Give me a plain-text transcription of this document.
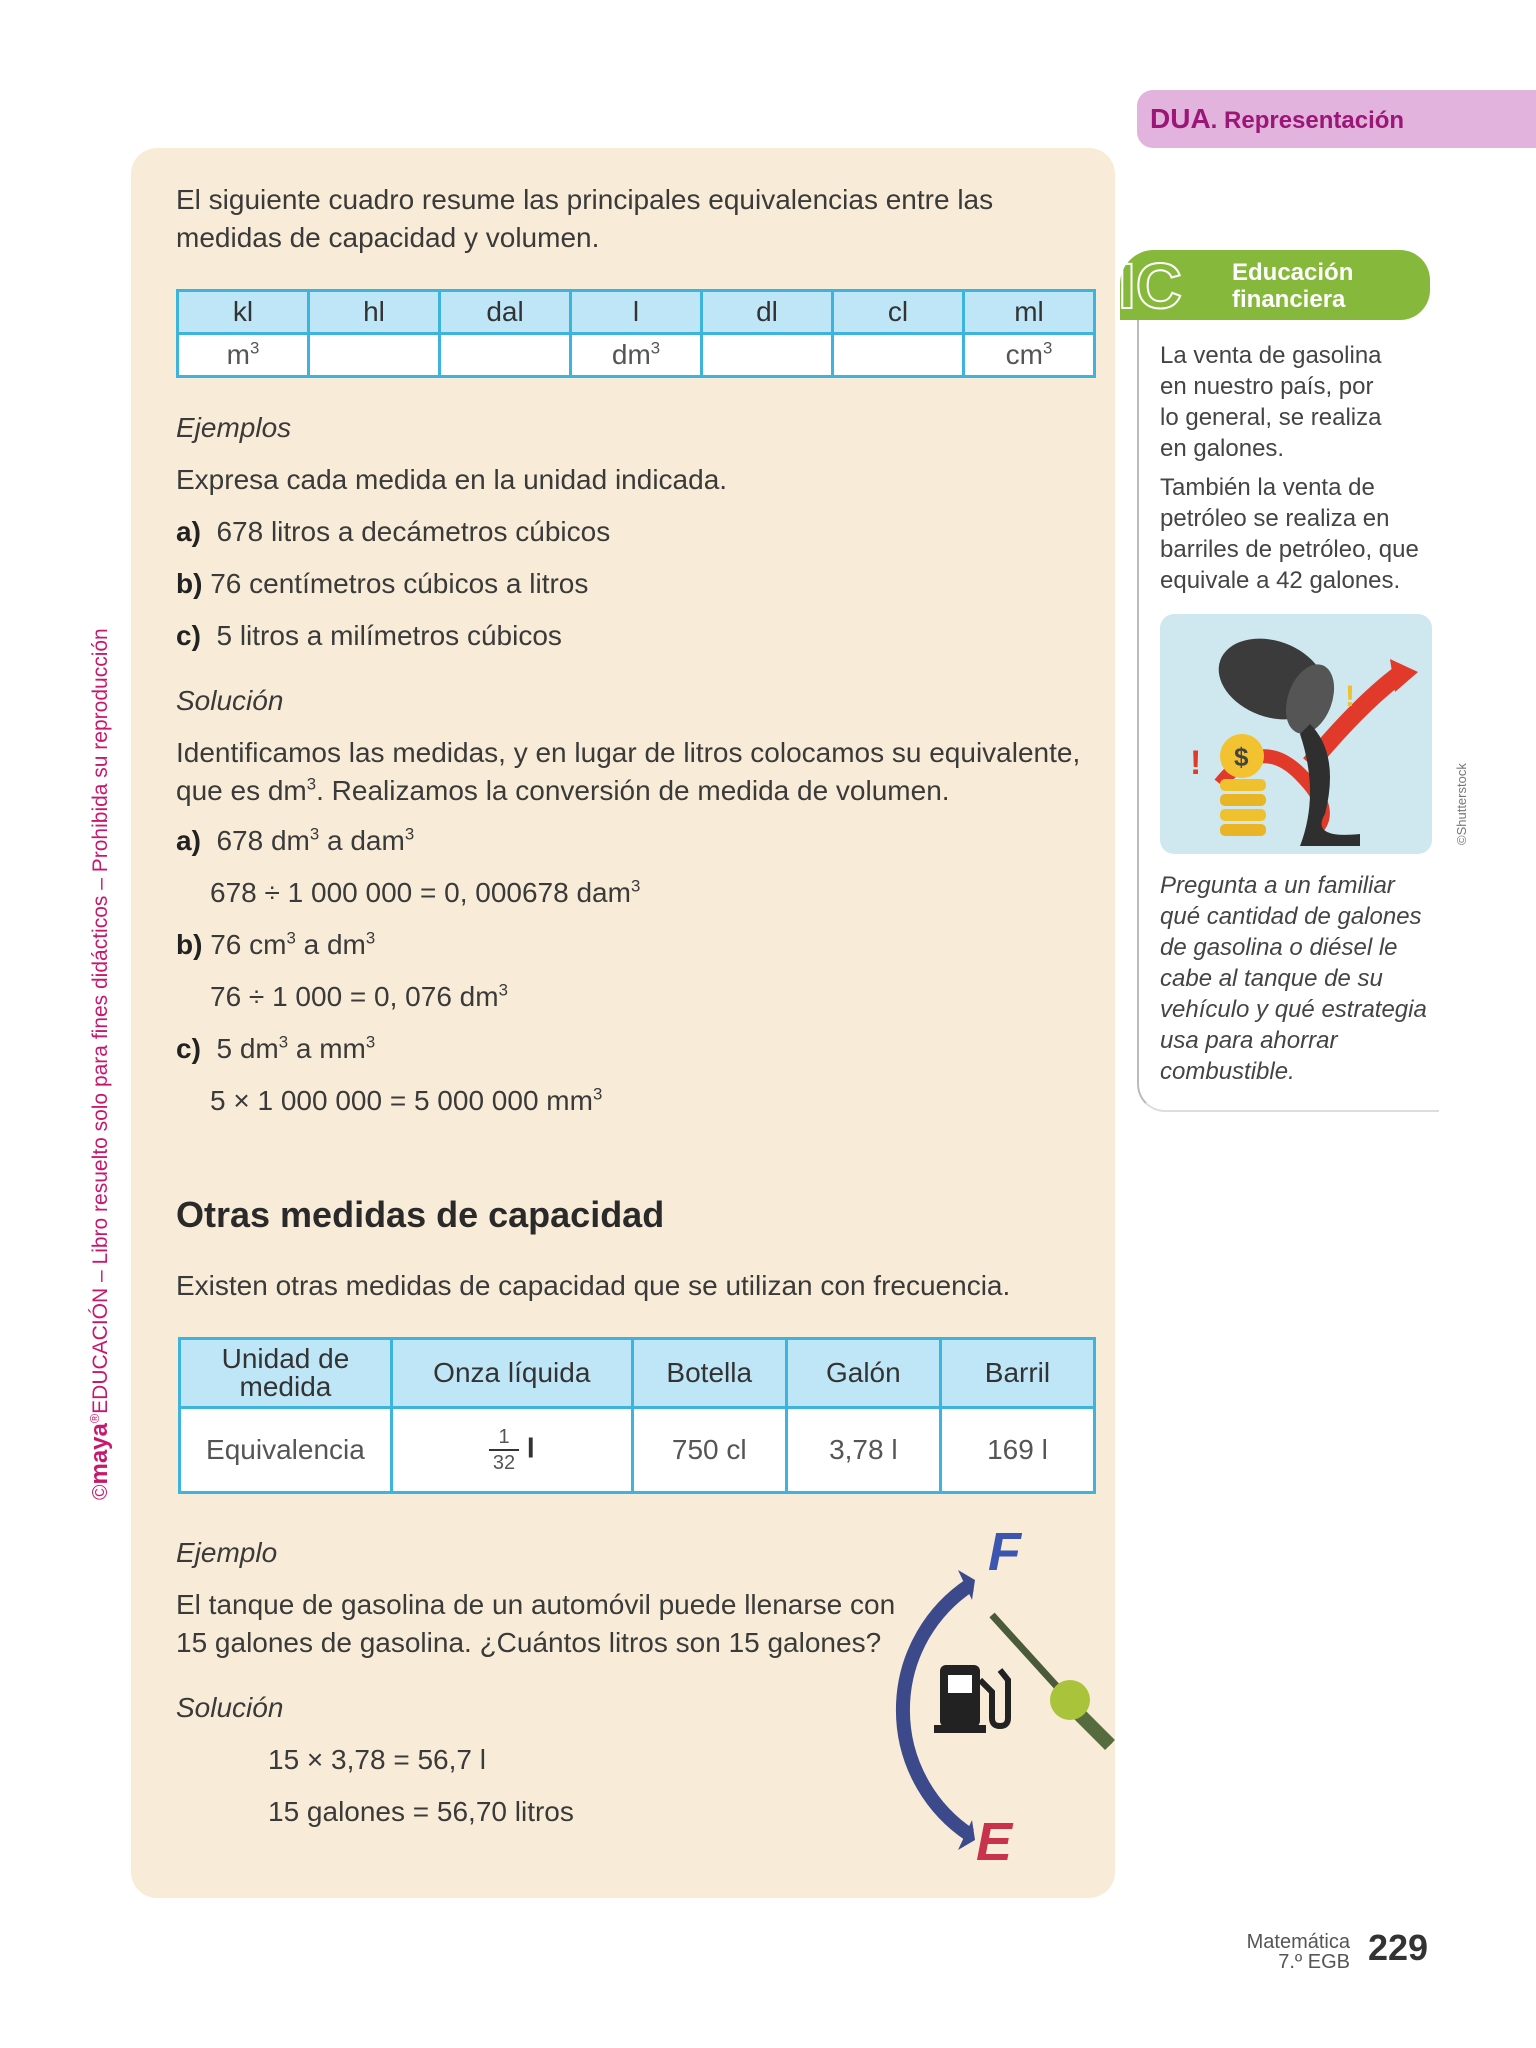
©maya®EDUCACIÓN – Libro resuelto solo para fines didácticos – Prohibida su reproducción
El siguiente cuadro resume las principales equivalencias entre las medidas de capacidad y volumen.
kl	hl	dal	l	dl	cl	ml
$m^3$			$dm^3$			$cm^3$
Ejemplos
Expresa cada medida en la unidad indicada.
a) 678 litros a decámetros cúbicos
b) 76 centímetros cúbicos a litros
c) 5 litros a milímetros cúbicos
Solución
Identificamos las medidas, y en lugar de litros colocamos su equivalente,
que es $dm^3$. Realizamos la conversión de medida de volumen.
a) 678 $dm^3$ a dam$^3$
678 ÷ 1 000 000 = 0, 000678 dam$^3$
b) 76 $cm^3$ a $dm^3$
76 ÷ 1 000 = 0, 076 $dm^3$
c) 5 $dm^3$ a $mm^3$
5 × 1 000 000 = 5 000 000 $mm^3$
Otras medidas de capacidad
Existen otras medidas de capacidad que se utilizan con frecuencia.
Unidad de medida	Onza líquida	Botella	Galón	Barril
Equivalencia	$\frac{1}{32}$ l	750 cl	3,78 l	169 l
Ejemplo
El tanque de gasolina de un automóvil puede llenarse con
15 galones de gasolina. ¿Cuántos litros son 15 galones?
Solución
15 × 3,78 = 56,7 l
15 galones = 56,70 litros
F
E
DUA. Representación
IC Educación
financiera
La venta de gasolina
en nuestro país, por
lo general, se realiza
en galones.
También la venta de
petróleo se realiza en
barriles de petróleo, que
equivale a 42 galones.
$
!
!
©Shutterstock
Pregunta a un familiar
qué cantidad de galones
de gasolina o diésel le
cabe al tanque de su
vehículo y qué estrategia
usa para ahorrar
combustible.
Matemática
7.º EGB 229
